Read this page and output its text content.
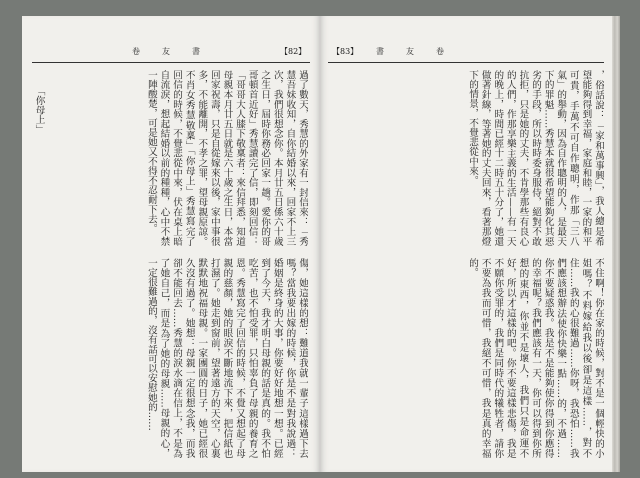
卷友書	【82】
過了數天，秀慧的外家有一封信來：「秀慧吾妹收知，自你結婚以來，回家不上三次，我們很想念你。本月廿五日係六十歲之生日，屆時你務必回家一趟。愛你的哥哥頓首近好」秀慧讀完了信，即刻回信：「哥哥大人膝下敬稟者：來信拜悉，知道母親本月廿五日就是六十歲之生日，本當回家祝壽，只是自從嫁來以後，家中事很多，不能離開，不孝之罪，望母親原諒。不肖女秀慧敬稟」「你母上」秀慧寫完了回信的時候，不覺悲從中來，伏在桌上暗自流淚，想起結婚以前的種種，心中不禁一陣酸楚，可是她又不得不忍耐下去。
「你母上」
傷，她這樣的想：難道我就一輩子這樣過下去嗎？當我要出嫁的時候，你是不是對我說過：婚姻是終身的大事，你要好好地想一想。已經到了今天，我才明白母親的話是真的。我不怕吃苦，也不怕受罪，只怕辜負了母親的養育之恩。秀慧寫完了回信的時候，不覺又想起了母親的慈顏，她的眼淚不斷地流下來，把信紙也打濕了。她走到窗前，望著遠方的天空，心裏默默地祝福母親。一家團圓的日子，她已經很久沒有過了。她想：母親一定很想念我，而我卻不能回去……秀慧的淚水滴在信上，不是為了她自己，而是為了她的母親……母親的心，一定很難過的，沒有話可以安慰她的……
【83】 書友卷
，俗話說：「家和萬事興」，我人總是希望能夠得到幸福，家庭和睦，一家的和平可貴，手萬不可自作聰明，作那「三八氣」的舉動，因為自作聰明的人，是最天下的罪魁……秀慧本就很希望能夠化其惡劣的手段，所以時時委身服侍，絕對不敢抗拒，只是她的丈夫，不肯學那些有良心的人們，作那享樂主義的生活——有一天的晚上，時間已經十二時五十分了，她還做著針線，等著她的丈夫回來，看著那燈下的情景，不覺悲從中來。
不住啊！你在家的時候，對不是一個輕快的小姐嗎？不料嫁給我以後卻是這樣……，對不住……我的心很難過……你呀，我恐怕……我們應該想辦法使你快樂一點……的，不過……你不要疑惑我。我是不是能夠使你得到你應得的幸福呢？我們應該有一天，你可以得到你所想的東西，你並不是壞人，我們只是命運不好，所以才這樣的吧。你不要這樣悲傷，我是不願你受罪的，我們是同時代的犧牲者，請你不要為我而可惜，我絕不可惜，我是真的幸福的。
